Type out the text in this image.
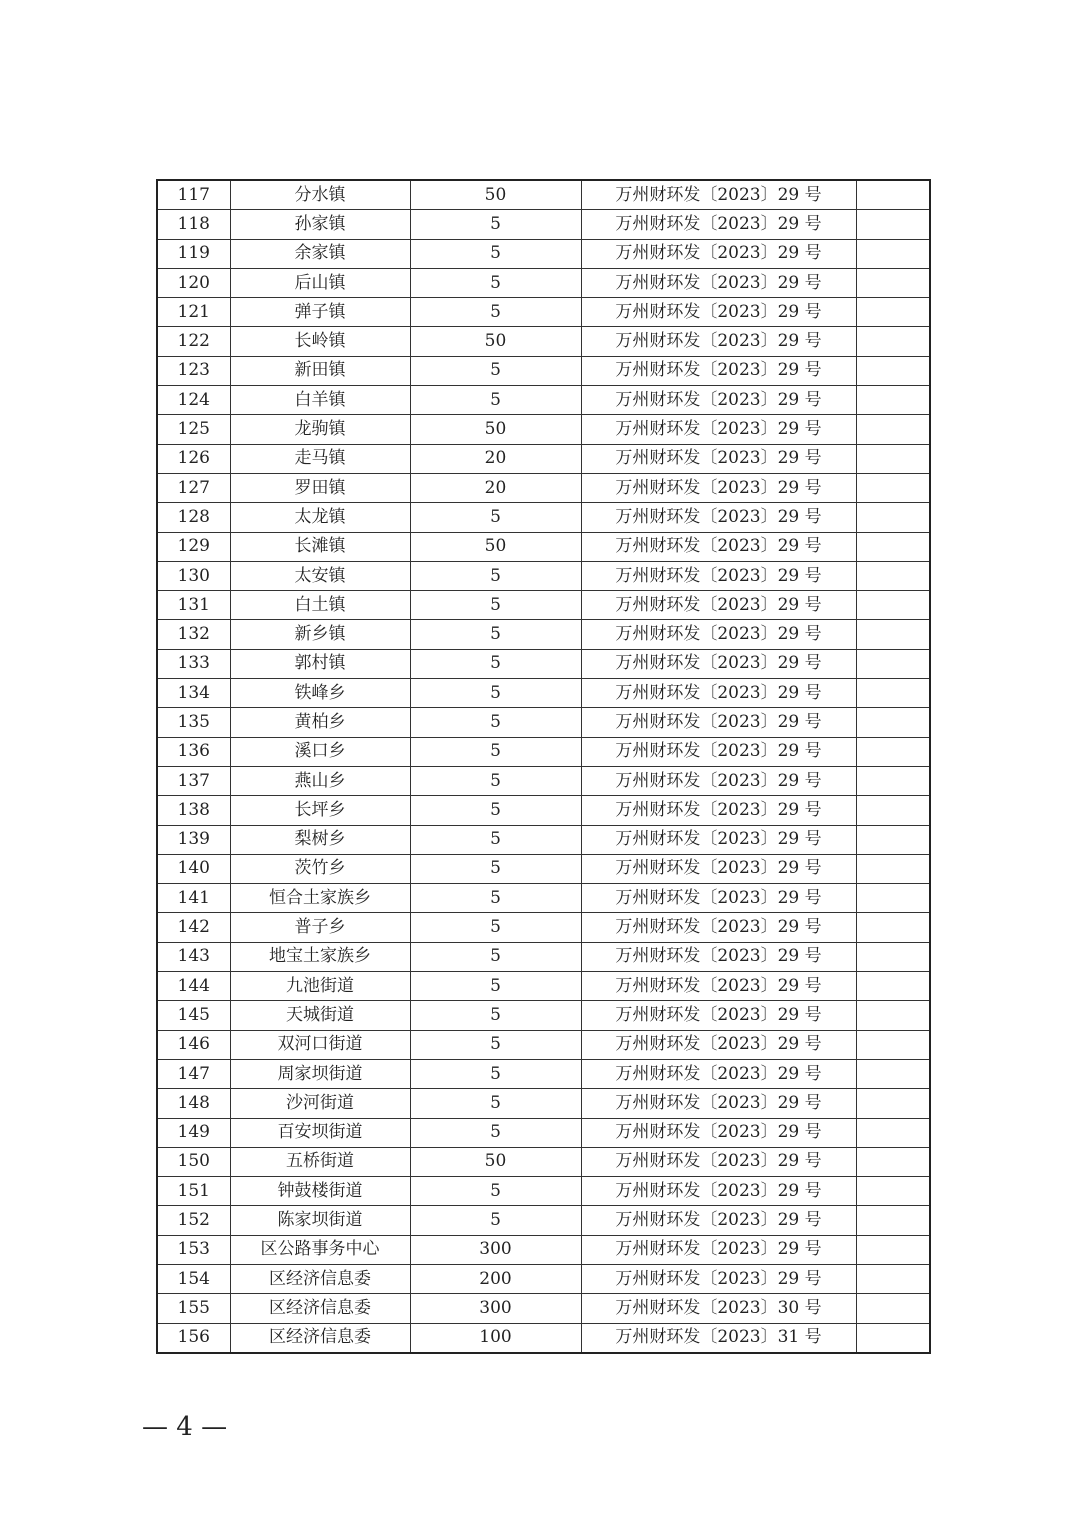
117	分水镇	50	万州财环发〔2023〕29 号	
118	孙家镇	5	万州财环发〔2023〕29 号	
119	余家镇	5	万州财环发〔2023〕29 号	
120	后山镇	5	万州财环发〔2023〕29 号	
121	弹子镇	5	万州财环发〔2023〕29 号	
122	长岭镇	50	万州财环发〔2023〕29 号	
123	新田镇	5	万州财环发〔2023〕29 号	
124	白羊镇	5	万州财环发〔2023〕29 号	
125	龙驹镇	50	万州财环发〔2023〕29 号	
126	走马镇	20	万州财环发〔2023〕29 号	
127	罗田镇	20	万州财环发〔2023〕29 号	
128	太龙镇	5	万州财环发〔2023〕29 号	
129	长滩镇	50	万州财环发〔2023〕29 号	
130	太安镇	5	万州财环发〔2023〕29 号	
131	白土镇	5	万州财环发〔2023〕29 号	
132	新乡镇	5	万州财环发〔2023〕29 号	
133	郭村镇	5	万州财环发〔2023〕29 号	
134	铁峰乡	5	万州财环发〔2023〕29 号	
135	黄柏乡	5	万州财环发〔2023〕29 号	
136	溪口乡	5	万州财环发〔2023〕29 号	
137	燕山乡	5	万州财环发〔2023〕29 号	
138	长坪乡	5	万州财环发〔2023〕29 号	
139	梨树乡	5	万州财环发〔2023〕29 号	
140	茨竹乡	5	万州财环发〔2023〕29 号	
141	恒合土家族乡	5	万州财环发〔2023〕29 号	
142	普子乡	5	万州财环发〔2023〕29 号	
143	地宝土家族乡	5	万州财环发〔2023〕29 号	
144	九池街道	5	万州财环发〔2023〕29 号	
145	天城街道	5	万州财环发〔2023〕29 号	
146	双河口街道	5	万州财环发〔2023〕29 号	
147	周家坝街道	5	万州财环发〔2023〕29 号	
148	沙河街道	5	万州财环发〔2023〕29 号	
149	百安坝街道	5	万州财环发〔2023〕29 号	
150	五桥街道	50	万州财环发〔2023〕29 号	
151	钟鼓楼街道	5	万州财环发〔2023〕29 号	
152	陈家坝街道	5	万州财环发〔2023〕29 号	
153	区公路事务中心	300	万州财环发〔2023〕29 号	
154	区经济信息委	200	万州财环发〔2023〕29 号	
155	区经济信息委	300	万州财环发〔2023〕30 号	
156	区经济信息委	100	万州财环发〔2023〕31 号	
— 4 —
